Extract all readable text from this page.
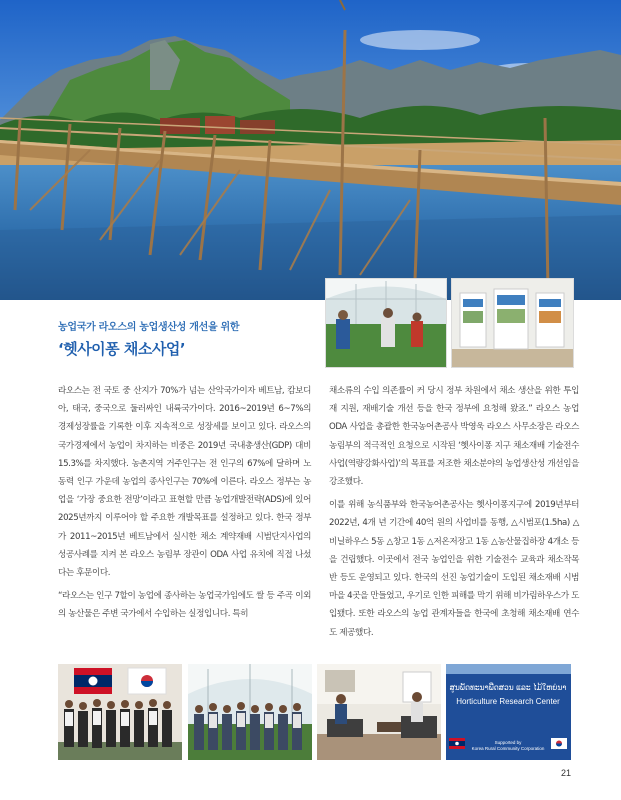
농업국가 라오스의 농업생산성 개선을 위한

‘헷사이퐁 채소사업’

라오스는 전 국토 중 산지가 70%가 넘는 산악국가이자 베트남, 캄보디아, 태국, 중국으로 둘러싸인 내륙국가이다. 2016~2019년 6~7%의 경제성장률을 기록한 이후 지속적으로 성장세를 보이고 있다. 라오스의 국가경제에서 농업이 차지하는 비중은 2019년 국내총생산(GDP) 대비 15.3%를 차지했다. 농촌지역 거주인구는 전 인구의 67%에 달하며 노동력 인구 가운데 농업의 종사인구는 70%에 이른다. 라오스 정부는 농업을 ‘가장 중요한 전망’이라고 표현할 만큼 농업개발전략(ADS)에 있어 2025년까지 이루어야 할 주요한 개발목표를 설정하고 있다. 한국 정부가 2011~2015년 베트남에서 실시한 채소 계약재배 시범단지사업의 성공사례를 지켜 본 라오스 농림부 장관이 ODA 사업 유치에 직접 나섰다는 후문이다.

“라오스는 인구 7할이 농업에 종사하는 농업국가임에도 쌀 등 주곡 이외의 농산물은 주변 국가에서 수입하는 실정입니다. 특히

채소류의 수입 의존률이 커 당시 정부 차원에서 채소 생산을 위한 투입재 지원, 재배기술 개선 등을 한국 정부에 요청해 왔죠.” 라오스 농업 ODA 사업을 총괄한 한국농어촌공사 박영욱 라오스 사무소장은 라오스 농림부의 적극적인 요청으로 시작된 ‘헷사이퐁 지구 채소재배 기술전수사업(역량강화사업)’의 목표를 저조한 채소분야의 농업생산성 개선임을 강조했다.

이를 위해 농식품부와 한국농어촌공사는 헷사이퐁지구에 2019년부터 2022년, 4개 년 기간에 40억 원의 사업비를 동행, △시범포(1.5ha) △비닐하우스 5동 △창고 1동 △저온저장고 1동 △농산물집하장 4개소 등을 건립했다. 이곳에서 전국 농업인을 위한 기술전수 교육과 채소작목반 등도 운영되고 있다. 한국의 선진 농업기술이 도입된 채소재배 시범마을 4곳을 만들었고, 우기로 인한 피해를 막기 위해 비가림하우스가 도입됐다. 또한 라오스의 농업 관계자들을 한국에 초청해 채소재배 연수도 제공했다.

ສູນພັດທະນາພືດສວນ ແລະ ໄມ້ໃຫຍ່ນາ
Horticulture Research Center
Supported by
Korea Rural Community Corporation
21
